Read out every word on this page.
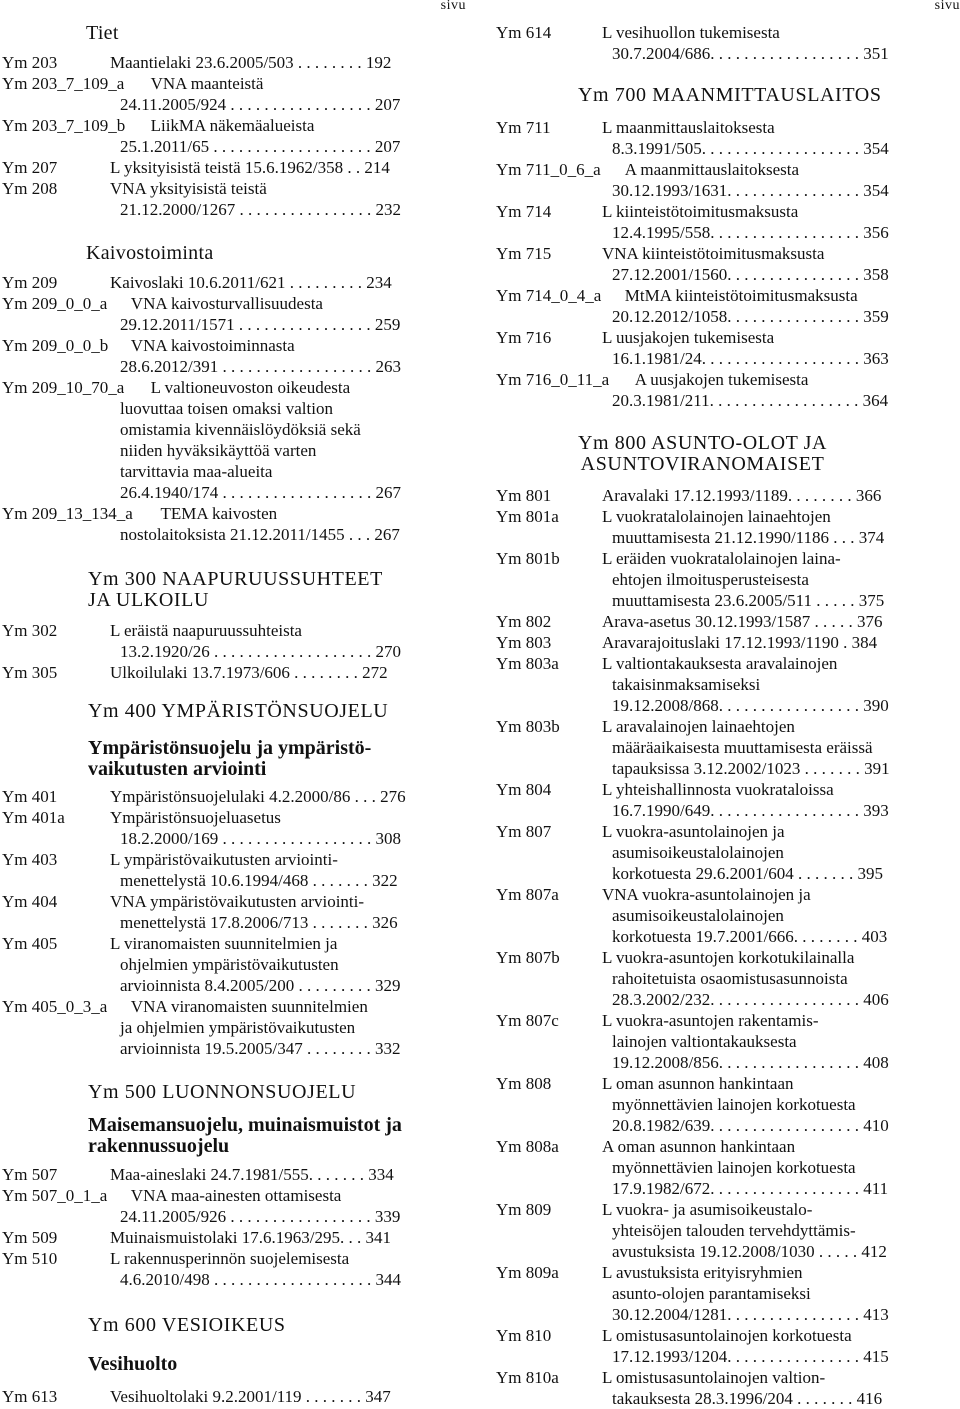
sivu
Tiet
Ym 203	Maantielaki 23.6.2005/503 . . . . . . . . 192
Ym 203_7_109_a VNA maanteistä
24.11.2005/924 . . . . . . . . . . . . . . . . . 207
Ym 203_7_109_b LiikMA näkemäalueista
25.1.2011/65 . . . . . . . . . . . . . . . . . . . 207
Ym 207	L yksityisistä teistä 15.6.1962/358 . . 214
Ym 208	VNA yksityisistä teistä
21.12.2000/1267 . . . . . . . . . . . . . . . . 232
Kaivostoiminta
Ym 209	Kaivoslaki 10.6.2011/621 . . . . . . . . . 234
Ym 209_0_0_a VNA kaivosturvallisuudesta
29.12.2011/1571 . . . . . . . . . . . . . . . . 259
Ym 209_0_0_b VNA kaivostoiminnasta
28.6.2012/391 . . . . . . . . . . . . . . . . . . 263
Ym 209_10_70_a L valtioneuvoston oikeudesta
luovuttaa toisen omaksi valtion
omistamia kivennäislöydöksiä sekä
niiden hyväksikäyttöä varten
tarvittavia maa-alueita
26.4.1940/174 . . . . . . . . . . . . . . . . . . 267
Ym 209_13_134_a TEMA kaivosten
nostolaitoksista 21.12.2011/1455 . . . 267
Ym 300 NAAPURUUSSUHTEET
JA ULKOILU
Ym 302	L eräistä naapuruussuhteista
13.2.1920/26 . . . . . . . . . . . . . . . . . . . 270
Ym 305	Ulkoilulaki 13.7.1973/606 . . . . . . . . 272
Ym 400 YMPÄRISTÖNSUOJELU
Ympäristönsuojelu ja ympäristö-
vaikutusten arviointi
Ym 401	Ympäristönsuojelulaki 4.2.2000/86 . . . 276
Ym 401a	Ympäristönsuojeluasetus
18.2.2000/169 . . . . . . . . . . . . . . . . . . 308
Ym 403	L ympäristövaikutusten arviointi-
menettelystä 10.6.1994/468 . . . . . . . 322
Ym 404	VNA ympäristövaikutusten arviointi-
menettelystä 17.8.2006/713 . . . . . . . 326
Ym 405	L viranomaisten suunnitelmien ja
ohjelmien ympäristövaikutusten
arvioinnista 8.4.2005/200 . . . . . . . . . 329
Ym 405_0_3_a VNA viranomaisten suunnitelmien
ja ohjelmien ympäristövaikutusten
arvioinnista 19.5.2005/347 . . . . . . . . 332
Ym 500 LUONNONSUOJELU
Maisemansuojelu, muinaismuistot ja
rakennussuojelu
Ym 507	Maa-aineslaki 24.7.1981/555. . . . . . . 334
Ym 507_0_1_a VNA maa-ainesten ottamisesta
24.11.2005/926 . . . . . . . . . . . . . . . . . 339
Ym 509	Muinaismuistolaki 17.6.1963/295. . . 341
Ym 510	L rakennusperinnön suojelemisesta
4.6.2010/498 . . . . . . . . . . . . . . . . . . . 344
Ym 600 VESIOIKEUS
Vesihuolto
Ym 613	Vesihuoltolaki 9.2.2001/119 . . . . . . . 347
sivu
Ym 614	L vesihuollon tukemisesta
30.7.2004/686. . . . . . . . . . . . . . . . . . 351
Ym 700 MAANMITTAUSLAITOS
Ym 711	L maanmittauslaitoksesta
8.3.1991/505. . . . . . . . . . . . . . . . . . . 354
Ym 711_0_6_a A maanmittauslaitoksesta
30.12.1993/1631. . . . . . . . . . . . . . . . 354
Ym 714	L kiinteistötoimitusmaksusta
12.4.1995/558. . . . . . . . . . . . . . . . . . 356
Ym 715	VNA kiinteistötoimitusmaksusta
27.12.2001/1560. . . . . . . . . . . . . . . . 358
Ym 714_0_4_a MtMA kiinteistötoimitusmaksusta
20.12.2012/1058. . . . . . . . . . . . . . . . 359
Ym 716	L uusjakojen tukemisesta
16.1.1981/24. . . . . . . . . . . . . . . . . . . 363
Ym 716_0_11_a A uusjakojen tukemisesta
20.3.1981/211. . . . . . . . . . . . . . . . . . 364
Ym 800 ASUNTO-OLOT JA
ASUNTOVIRANOMAISET
Ym 801	Aravalaki 17.12.1993/1189. . . . . . . . 366
Ym 801a	L vuokratalolainojen lainaehtojen
muuttamisesta 21.12.1990/1186 . . . 374
Ym 801b L eräiden vuokratalolainojen laina-
ehtojen ilmoitusperusteisesta
muuttamisesta 23.6.2005/511 . . . . . 375
Ym 802	Arava-asetus 30.12.1993/1587 . . . . . 376
Ym 803	Aravarajoituslaki 17.12.1993/1190 . 384
Ym 803a	L valtiontakauksesta aravalainojen
takaisinmaksamiseksi
19.12.2008/868. . . . . . . . . . . . . . . . . 390
Ym 803b L aravalainojen lainaehtojen
määräaikaisesta muuttamisesta eräissä
tapauksissa 3.12.2002/1023 . . . . . . . 391
Ym 804	L yhteishallinnosta vuokrataloissa
16.7.1990/649. . . . . . . . . . . . . . . . . . 393
Ym 807	L vuokra-asuntolainojen ja
asumisoikeustalolainojen
korkotuesta 29.6.2001/604 . . . . . . . 395
Ym 807a	VNA vuokra-asuntolainojen ja
asumisoikeustalolainojen
korkotuesta 19.7.2001/666. . . . . . . . 403
Ym 807b L vuokra-asuntojen korkotukilainalla
rahoitetuista osaomistusasunnoista
28.3.2002/232. . . . . . . . . . . . . . . . . . 406
Ym 807c	L vuokra-asuntojen rakentamis-
lainojen valtiontakauksesta
19.12.2008/856. . . . . . . . . . . . . . . . . 408
Ym 808	L oman asunnon hankintaan
myönnettävien lainojen korkotuesta
20.8.1982/639. . . . . . . . . . . . . . . . . . 410
Ym 808a	A oman asunnon hankintaan
myönnettävien lainojen korkotuesta
17.9.1982/672. . . . . . . . . . . . . . . . . . 411
Ym 809	L vuokra- ja asumisoikeustalo-
yhteisöjen talouden tervehdyttämis-
avustuksista 19.12.2008/1030 . . . . . 412
Ym 809a	L avustuksista erityisryhmien
asunto-olojen parantamiseksi
30.12.2004/1281. . . . . . . . . . . . . . . . 413
Ym 810	L omistusasuntolainojen korkotuesta
17.12.1993/1204. . . . . . . . . . . . . . . . 415
Ym 810a	L omistusasuntolainojen valtion-
takauksesta 28.3.1996/204 . . . . . . . 416
